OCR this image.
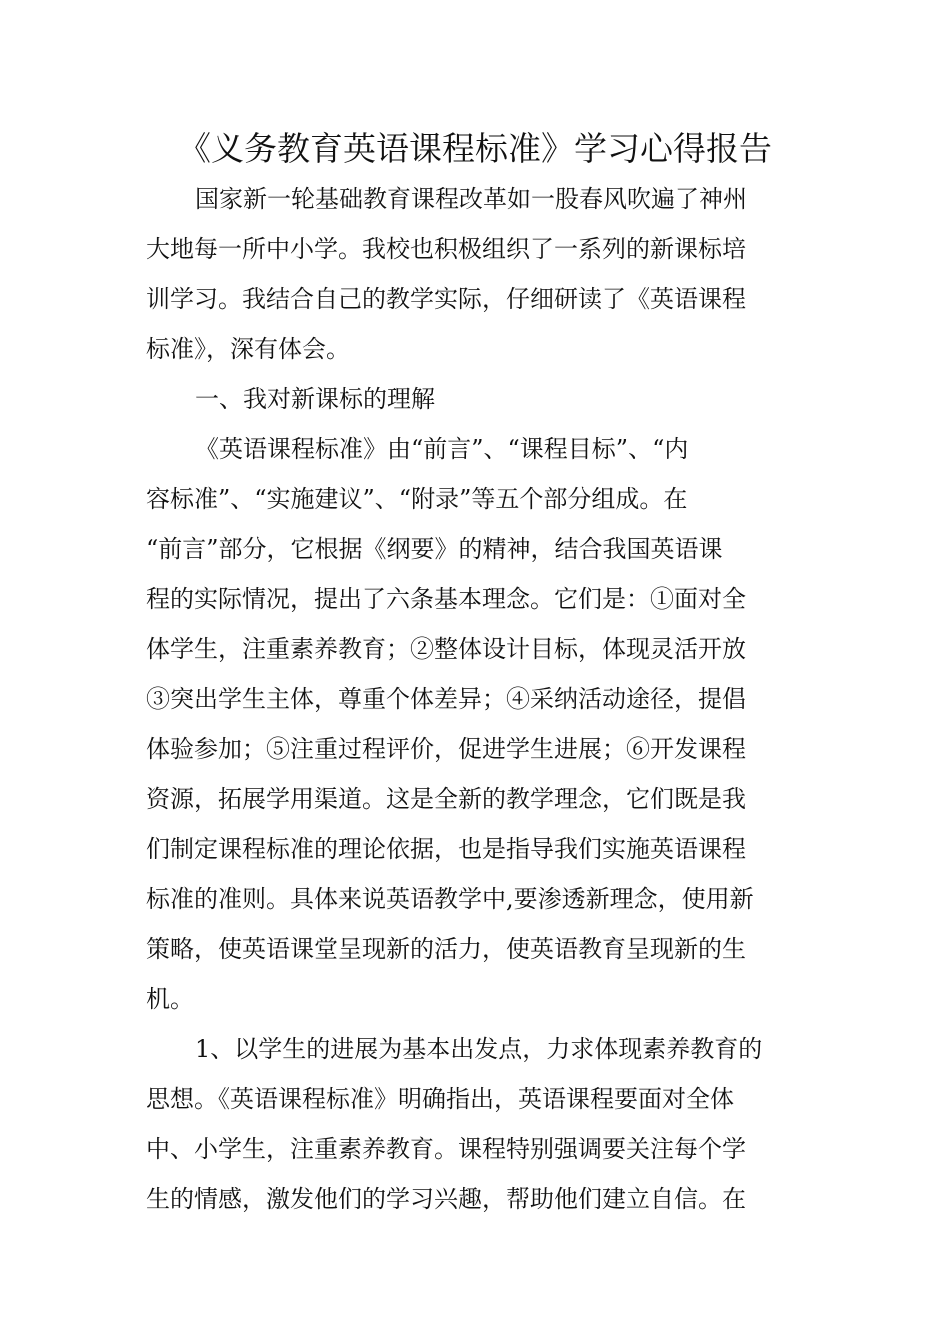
《义务教育英语课程标准》学习心得报告

国家新一轮基础教育课程改革如一股春风吹遍了神州

大地每一所中小学。我校也积极组织了一系列的新课标培

训学习。我结合自己的教学实际，仔细研读了《英语课程

标准》，深有体会。

一、我对新课标的理解

《英语课程标准》由“前言”、“课程目标”、“内

容标准”、“实施建议”、“附录”等五个部分组成。在

“前言”部分，它根据《纲要》的精神，结合我国英语课

程的实际情况，提出了六条基本理念。它们是：①面对全

体学生，注重素养教育；②整体设计目标，体现灵活开放

③突出学生主体，尊重个体差异；④采纳活动途径，提倡

体验参加；⑤注重过程评价，促进学生进展；⑥开发课程

资源，拓展学用渠道。这是全新的教学理念，它们既是我

们制定课程标准的理论依据，也是指导我们实施英语课程

标准的准则。具体来说英语教学中,要渗透新理念，使用新

策略，使英语课堂呈现新的活力，使英语教育呈现新的生

机。

1、以学生的进展为基本出发点，力求体现素养教育的

思想。《英语课程标准》明确指出，英语课程要面对全体

中、小学生，注重素养教育。课程特别强调要关注每个学

生的情感，激发他们的学习兴趣，帮助他们建立自信。在
